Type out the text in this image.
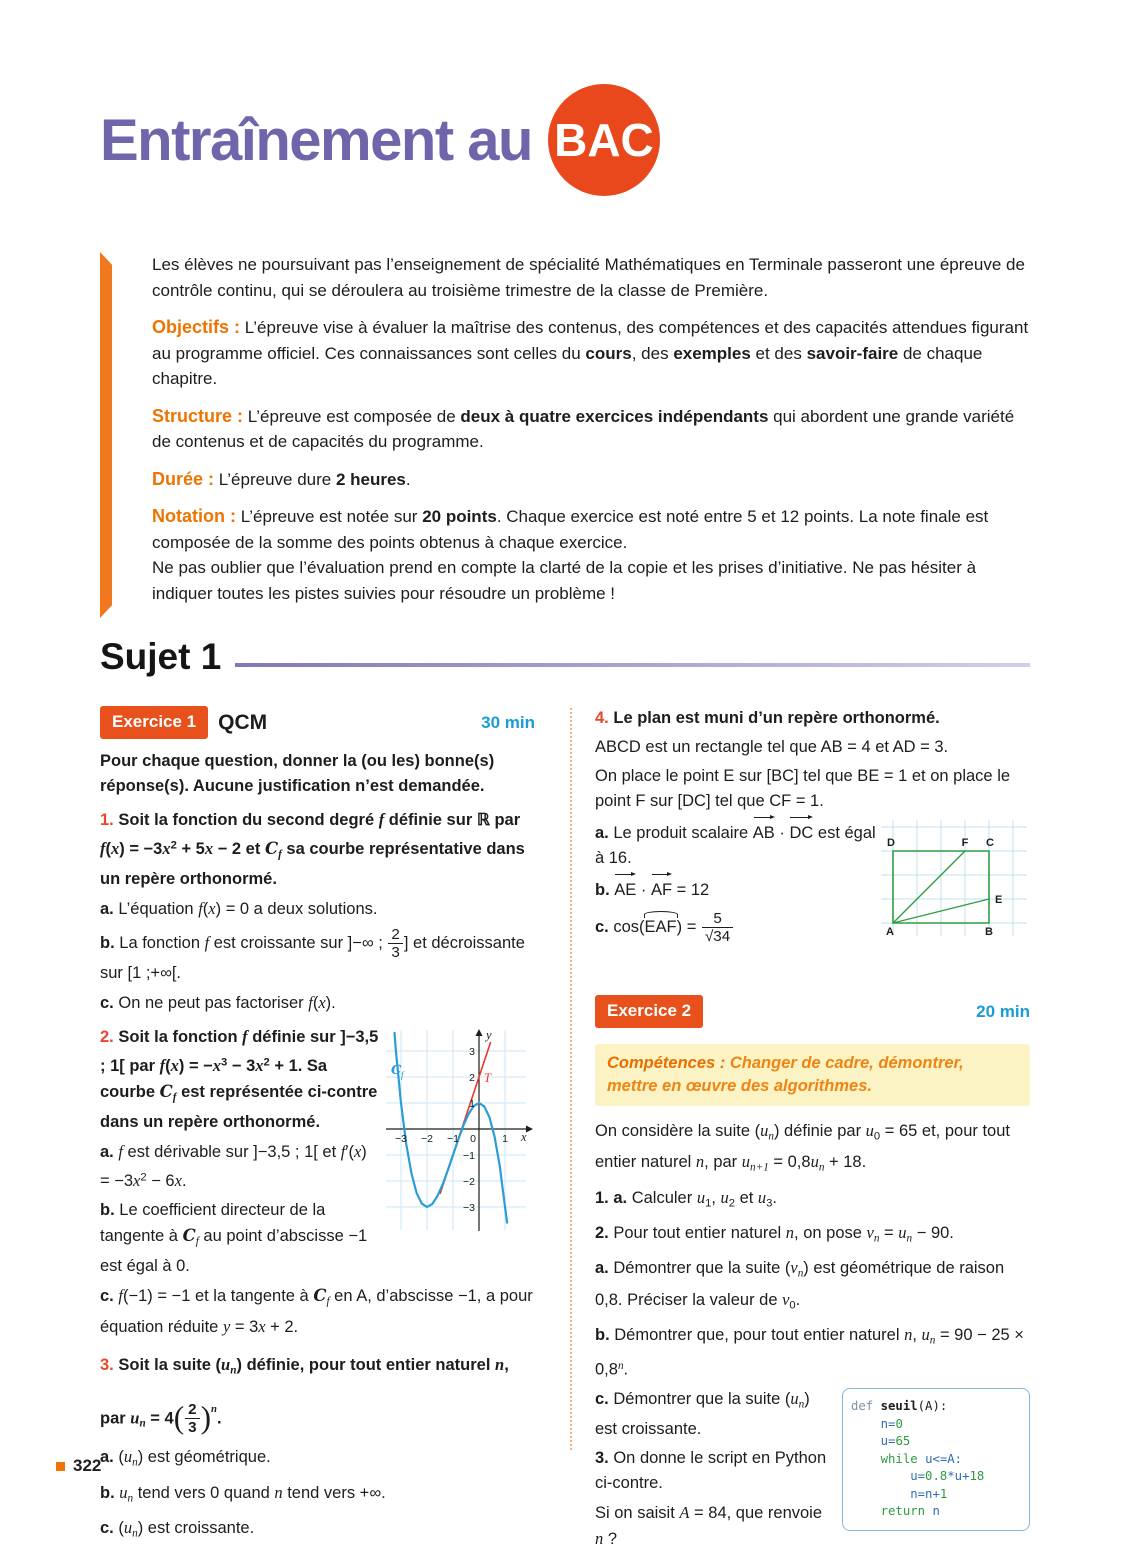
Entraînement au BAC

Les élèves ne poursuivant pas l’enseignement de spécialité Mathématiques en Terminale passeront une épreuve de contrôle continu, qui se déroulera au troisième trimestre de la classe de Première.

Objectifs : L’épreuve vise à évaluer la maîtrise des contenus, des compétences et des capacités attendues figurant au programme officiel. Ces connaissances sont celles du cours, des exemples et des savoir-faire de chaque chapitre.

Structure : L’épreuve est composée de deux à quatre exercices indépendants qui abordent une grande variété de contenus et de capacités du programme.

Durée : L’épreuve dure 2 heures.

Notation : L’épreuve est notée sur 20 points. Chaque exercice est noté entre 5 et 12 points. La note finale est composée de la somme des points obtenus à chaque exercice.

Ne pas oublier que l’évaluation prend en compte la clarté de la copie et les prises d’initiative. Ne pas hésiter à indiquer toutes les pistes suivies pour résoudre un problème !

Sujet 1
Exercice 1	QCM	30 min

Pour chaque question, donner la (ou les) bonne(s) réponse(s). Aucune justification n’est demandée.

1. Soit la fonction du second degré f définie sur ℝ par $f(x) = -3x^2 + 5x - 2$ et $C_f$ sa courbe représentative dans un repère orthonormé.

a. L’équation f(x) = 0 a deux solutions.

b. La fonction f est croissante sur ]−∞ ; $\frac{2}{3}$ ] et décroissante sur [1 ;+∞[.

c. On ne peut pas factoriser f(x).

y
x
3
2
1
−1
−2
−3
−3 −2 −1	1
0
C f	T

2. Soit la fonction f définie sur ]−3,5 ; 1[ par $f(x) = -x^3 - 3x^2 + 1$. Sa courbe $C_f$ est représentée ci-contre dans un repère orthonormé.

a. f est dérivable sur ]−3,5 ; 1[ et $f'(x) = -3x^2 - 6x$.

b. Le coefficient directeur de la tangente à $C_f$ au point d’abscisse −1 est égal à 0.

c. f(−1) = −1 et la tangente à $C_f$ en A, d’abscisse −1, a pour équation réduite y = 3x + 2.

3. Soit la suite $(u_n)$ définie, pour tout entier naturel n,

par $u_n = 4( \frac{2}{3} )^n$.

a. $(u_n)$ est géométrique.

b. $u_n$ tend vers 0 quand n tend vers +∞.

c. $(u_n)$ est croissante.

4. Le plan est muni d’un repère orthonormé.

ABCD est un rectangle tel que AB = 4 et AD = 3.

On place le point E sur [BC] tel que BE = 1 et on place le point F sur [DC] tel que CF = 1.

D	F C
E
A	B

a. Le produit scalaire AB · DC est égal à 16.

b. AE · AF = 12

c. $\cos(EAF) = \frac{5}{√34}$

Exercice 2	20 min
Compétences : Changer de cadre, démontrer, mettre en œuvre des algorithmes.

On considère la suite $(u_n)$ définie par $u_0 = 65$ et, pour tout entier naturel n, par $u_{n+1} = 0,8u_n + 18$.

1. a. Calculer $u_1$, $u_2$ et $u_3$.

2. Pour tout entier naturel n, on pose $v_n = u_n - 90$.

a. Démontrer que la suite $(v_n)$ est géométrique de raison 0,8. Préciser la valeur de $v_0$.

b. Démontrer que, pour tout entier naturel n, $u_n = 90 - 25 \times 0,8^n$.

def seuil(A):
n=0
u=65
while u<=A:
u=0.8*u+18
n=n+1
return n

c. Démontrer que la suite $(u_n)$ est croissante.

3. On donne le script en Python ci-contre.

Si on saisit A = 84, que renvoie n ?

322
